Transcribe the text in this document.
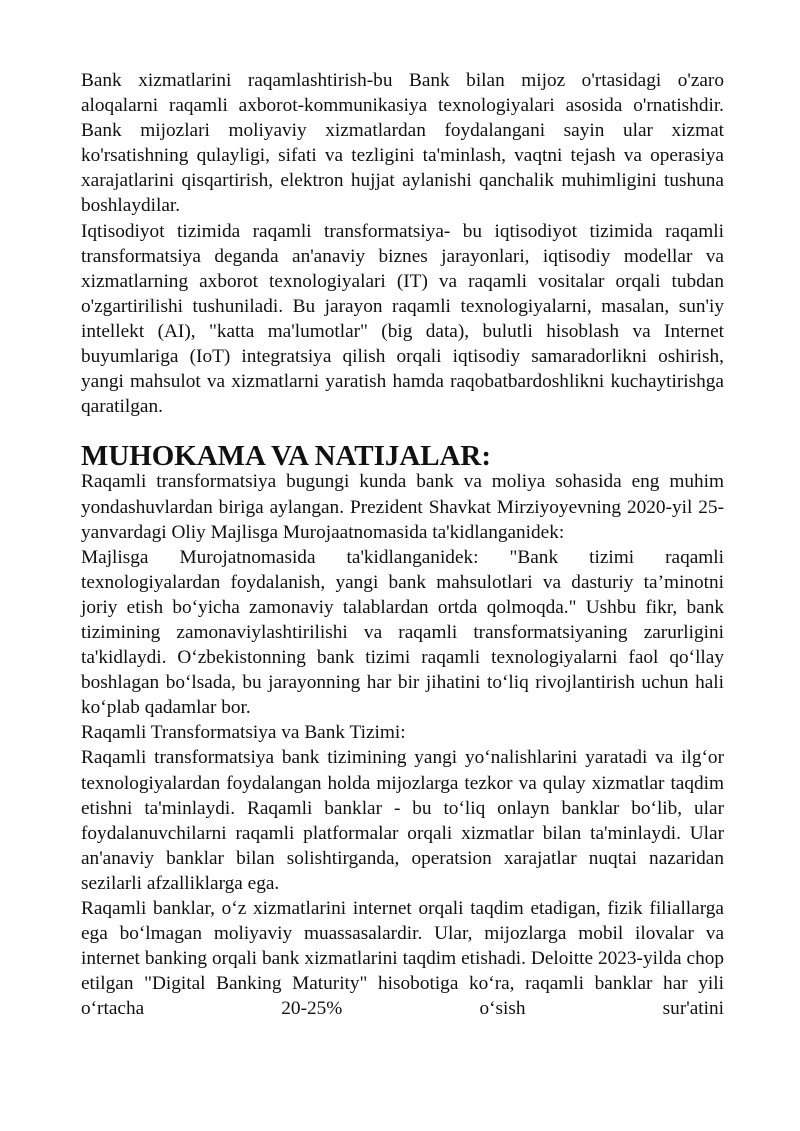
Bank xizmatlarini raqamlashtirish-bu Bank bilan mijoz o'rtasidagi o'zaro aloqalarni raqamli axborot-kommunikasiya texnologiyalari asosida o'rnatishdir. Bank mijozlari moliyaviy xizmatlardan foydalangani sayin ular xizmat ko'rsatishning qulayligi, sifati va tezligini ta'minlash, vaqtni tejash va operasiya xarajatlarini qisqartirish, elektron hujjat aylanishi qanchalik muhimligini tushuna boshlaydilar.

Iqtisodiyot tizimida raqamli transformatsiya- bu iqtisodiyot tizimida raqamli transformatsiya deganda an'anaviy biznes jarayonlari, iqtisodiy modellar va xizmatlarning axborot texnologiyalari (IT) va raqamli vositalar orqali tubdan o'zgartirilishi tushuniladi. Bu jarayon raqamli texnologiyalarni, masalan, sun'iy intellekt (AI), "katta ma'lumotlar" (big data), bulutli hisoblash va Internet buyumlariga (IoT) integratsiya qilish orqali iqtisodiy samaradorlikni oshirish, yangi mahsulot va xizmatlarni yaratish hamda raqobatbardoshlikni kuchaytirishga qaratilgan.

MUHOKAMA VA NATIJALAR:

Raqamli transformatsiya bugungi kunda bank va moliya sohasida eng muhim yondashuvlardan biriga aylangan. Prezident Shavkat Mirziyoyevning 2020-yil 25-yanvardagi Oliy Majlisga Murojaatnomasida ta'kidlanganidek:

Majlisga Murojatnomasida ta'kidlanganidek: "Bank tizimi raqamli texnologiyalardan foydalanish, yangi bank mahsulotlari va dasturiy ta’minotni joriy etish bo‘yicha zamonaviy talablardan ortda qolmoqda." Ushbu fikr, bank tizimining zamonaviylashtirilishi va raqamli transformatsiyaning zarurligini ta'kidlaydi. O‘zbekistonning bank tizimi raqamli texnologiyalarni faol qo‘llay boshlagan bo‘lsada, bu jarayonning har bir jihatini to‘liq rivojlantirish uchun hali ko‘plab qadamlar bor.

Raqamli Transformatsiya va Bank Tizimi:

Raqamli transformatsiya bank tizimining yangi yo‘nalishlarini yaratadi va ilg‘or texnologiyalardan foydalangan holda mijozlarga tezkor va qulay xizmatlar taqdim etishni ta'minlaydi. Raqamli banklar - bu to‘liq onlayn banklar bo‘lib, ular foydalanuvchilarni raqamli platformalar orqali xizmatlar bilan ta'minlaydi. Ular an'anaviy banklar bilan solishtirganda, operatsion xarajatlar nuqtai nazaridan sezilarli afzalliklarga ega.

Raqamli banklar, o‘z xizmatlarini internet orqali taqdim etadigan, fizik filiallarga ega bo‘lmagan moliyaviy muassasalardir. Ular, mijozlarga mobil ilovalar va internet banking orqali bank xizmatlarini taqdim etishadi. Deloitte 2023-yilda chop etilgan "Digital Banking Maturity" hisobotiga ko‘ra, raqamli banklar har yili o‘rtacha 20-25% o‘sish sur'atini
